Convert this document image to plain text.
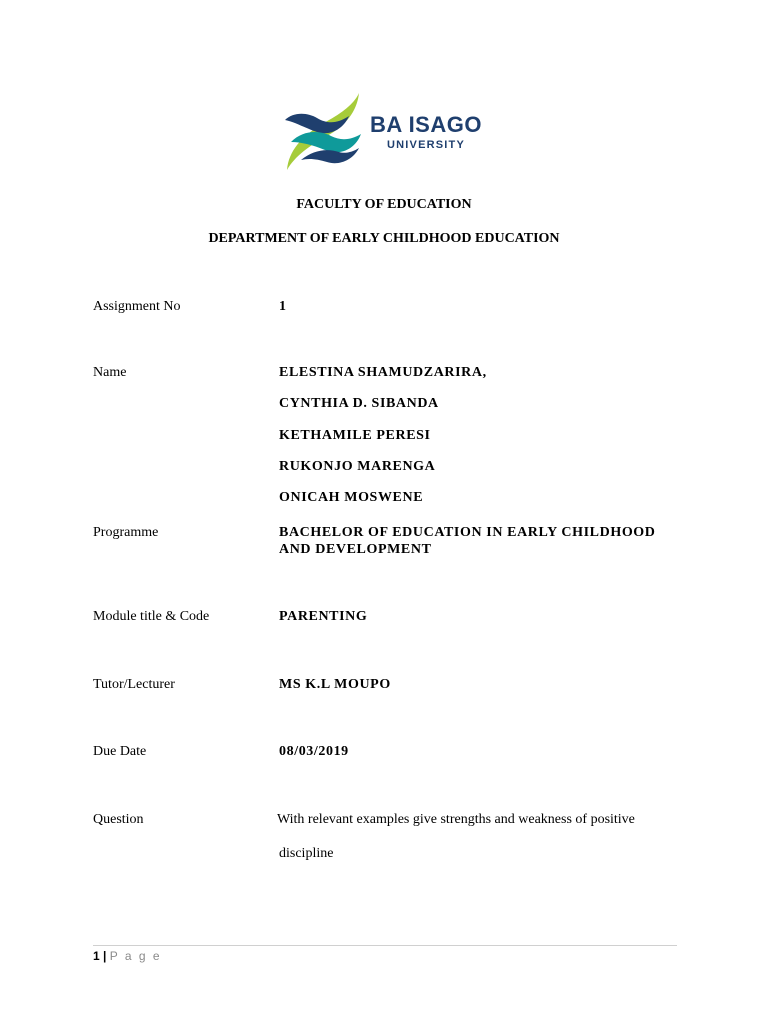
BA ISAGO
UNIVERSITY
FACULTY OF EDUCATION
DEPARTMENT OF EARLY CHILDHOOD EDUCATION
Assignment No	1
Name	ELESTINA SHAMUDZARIRA,
CYNTHIA D. SIBANDA
KETHAMILE PERESI
RUKONJO MARENGA
ONICAH MOSWENE
Programme	BACHELOR OF EDUCATION IN EARLY CHILDHOOD
AND DEVELOPMENT
Module title & Code	PARENTING
Tutor/Lecturer	MS K.L MOUPO
Due Date	08/03/2019
Question	With relevant examples give strengths and weakness of positive
discipline
1 | P a g e
